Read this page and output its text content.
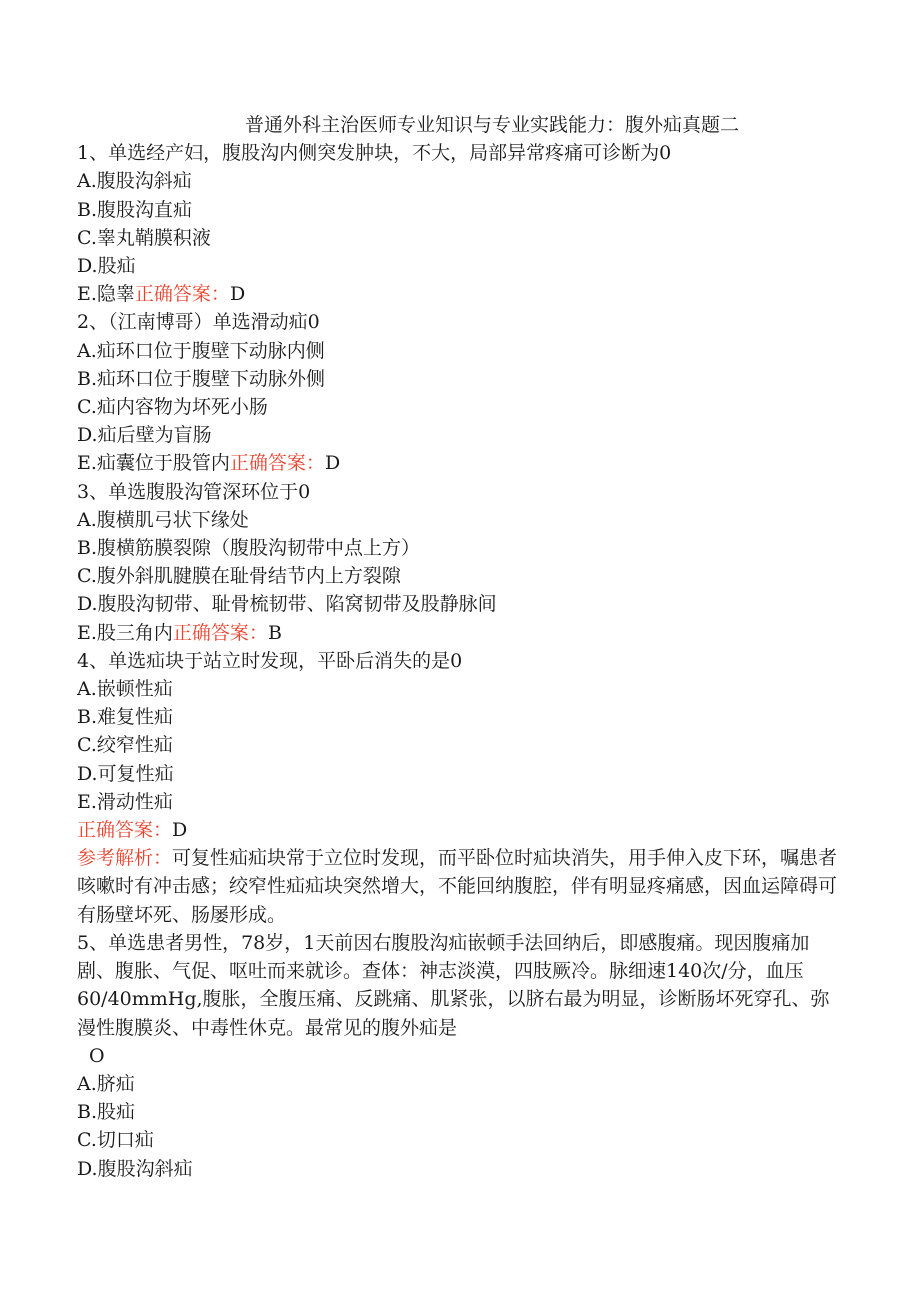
普通外科主治医师专业知识与专业实践能力：腹外疝真题二

1、单选经产妇，腹股沟内侧突发肿块，不大，局部异常疼痛可诊断为0

A.腹股沟斜疝

B.腹股沟直疝

C.睾丸鞘膜积液

D.股疝

E.隐睾正确答案：D

2、（江南博哥）单选滑动疝0

A.疝环口位于腹壁下动脉内侧

B.疝环口位于腹壁下动脉外侧

C.疝内容物为坏死小肠

D.疝后壁为盲肠

E.疝囊位于股管内正确答案：D

3、单选腹股沟管深环位于0

A.腹横肌弓状下缘处

B.腹横筋膜裂隙（腹股沟韧带中点上方）

C.腹外斜肌腱膜在耻骨结节内上方裂隙

D.腹股沟韧带、耻骨梳韧带、陷窝韧带及股静脉间

E.股三角内正确答案：B

4、单选疝块于站立时发现，平卧后消失的是0

A.嵌顿性疝

B.难复性疝

C.绞窄性疝

D.可复性疝

E.滑动性疝

正确答案：D

参考解析：可复性疝疝块常于立位时发现，而平卧位时疝块消失，用手伸入皮下环，嘱患者咳嗽时有冲击感；绞窄性疝疝块突然增大，不能回纳腹腔，伴有明显疼痛感，因血运障碍可有肠壁坏死、肠屡形成。

5、单选患者男性，78岁，1天前因右腹股沟疝嵌顿手法回纳后，即感腹痛。现因腹痛加剧、腹胀、气促、呕吐而来就诊。查体：神志淡漠，四肢厥冷。脉细速140次/分，血压60/40mmHg,腹胀，全腹压痛、反跳痛、肌紧张，以脐右最为明显，诊断肠坏死穿孔、弥漫性腹膜炎、中毒性休克。最常见的腹外疝是

O

A.脐疝

B.股疝

C.切口疝

D.腹股沟斜疝
